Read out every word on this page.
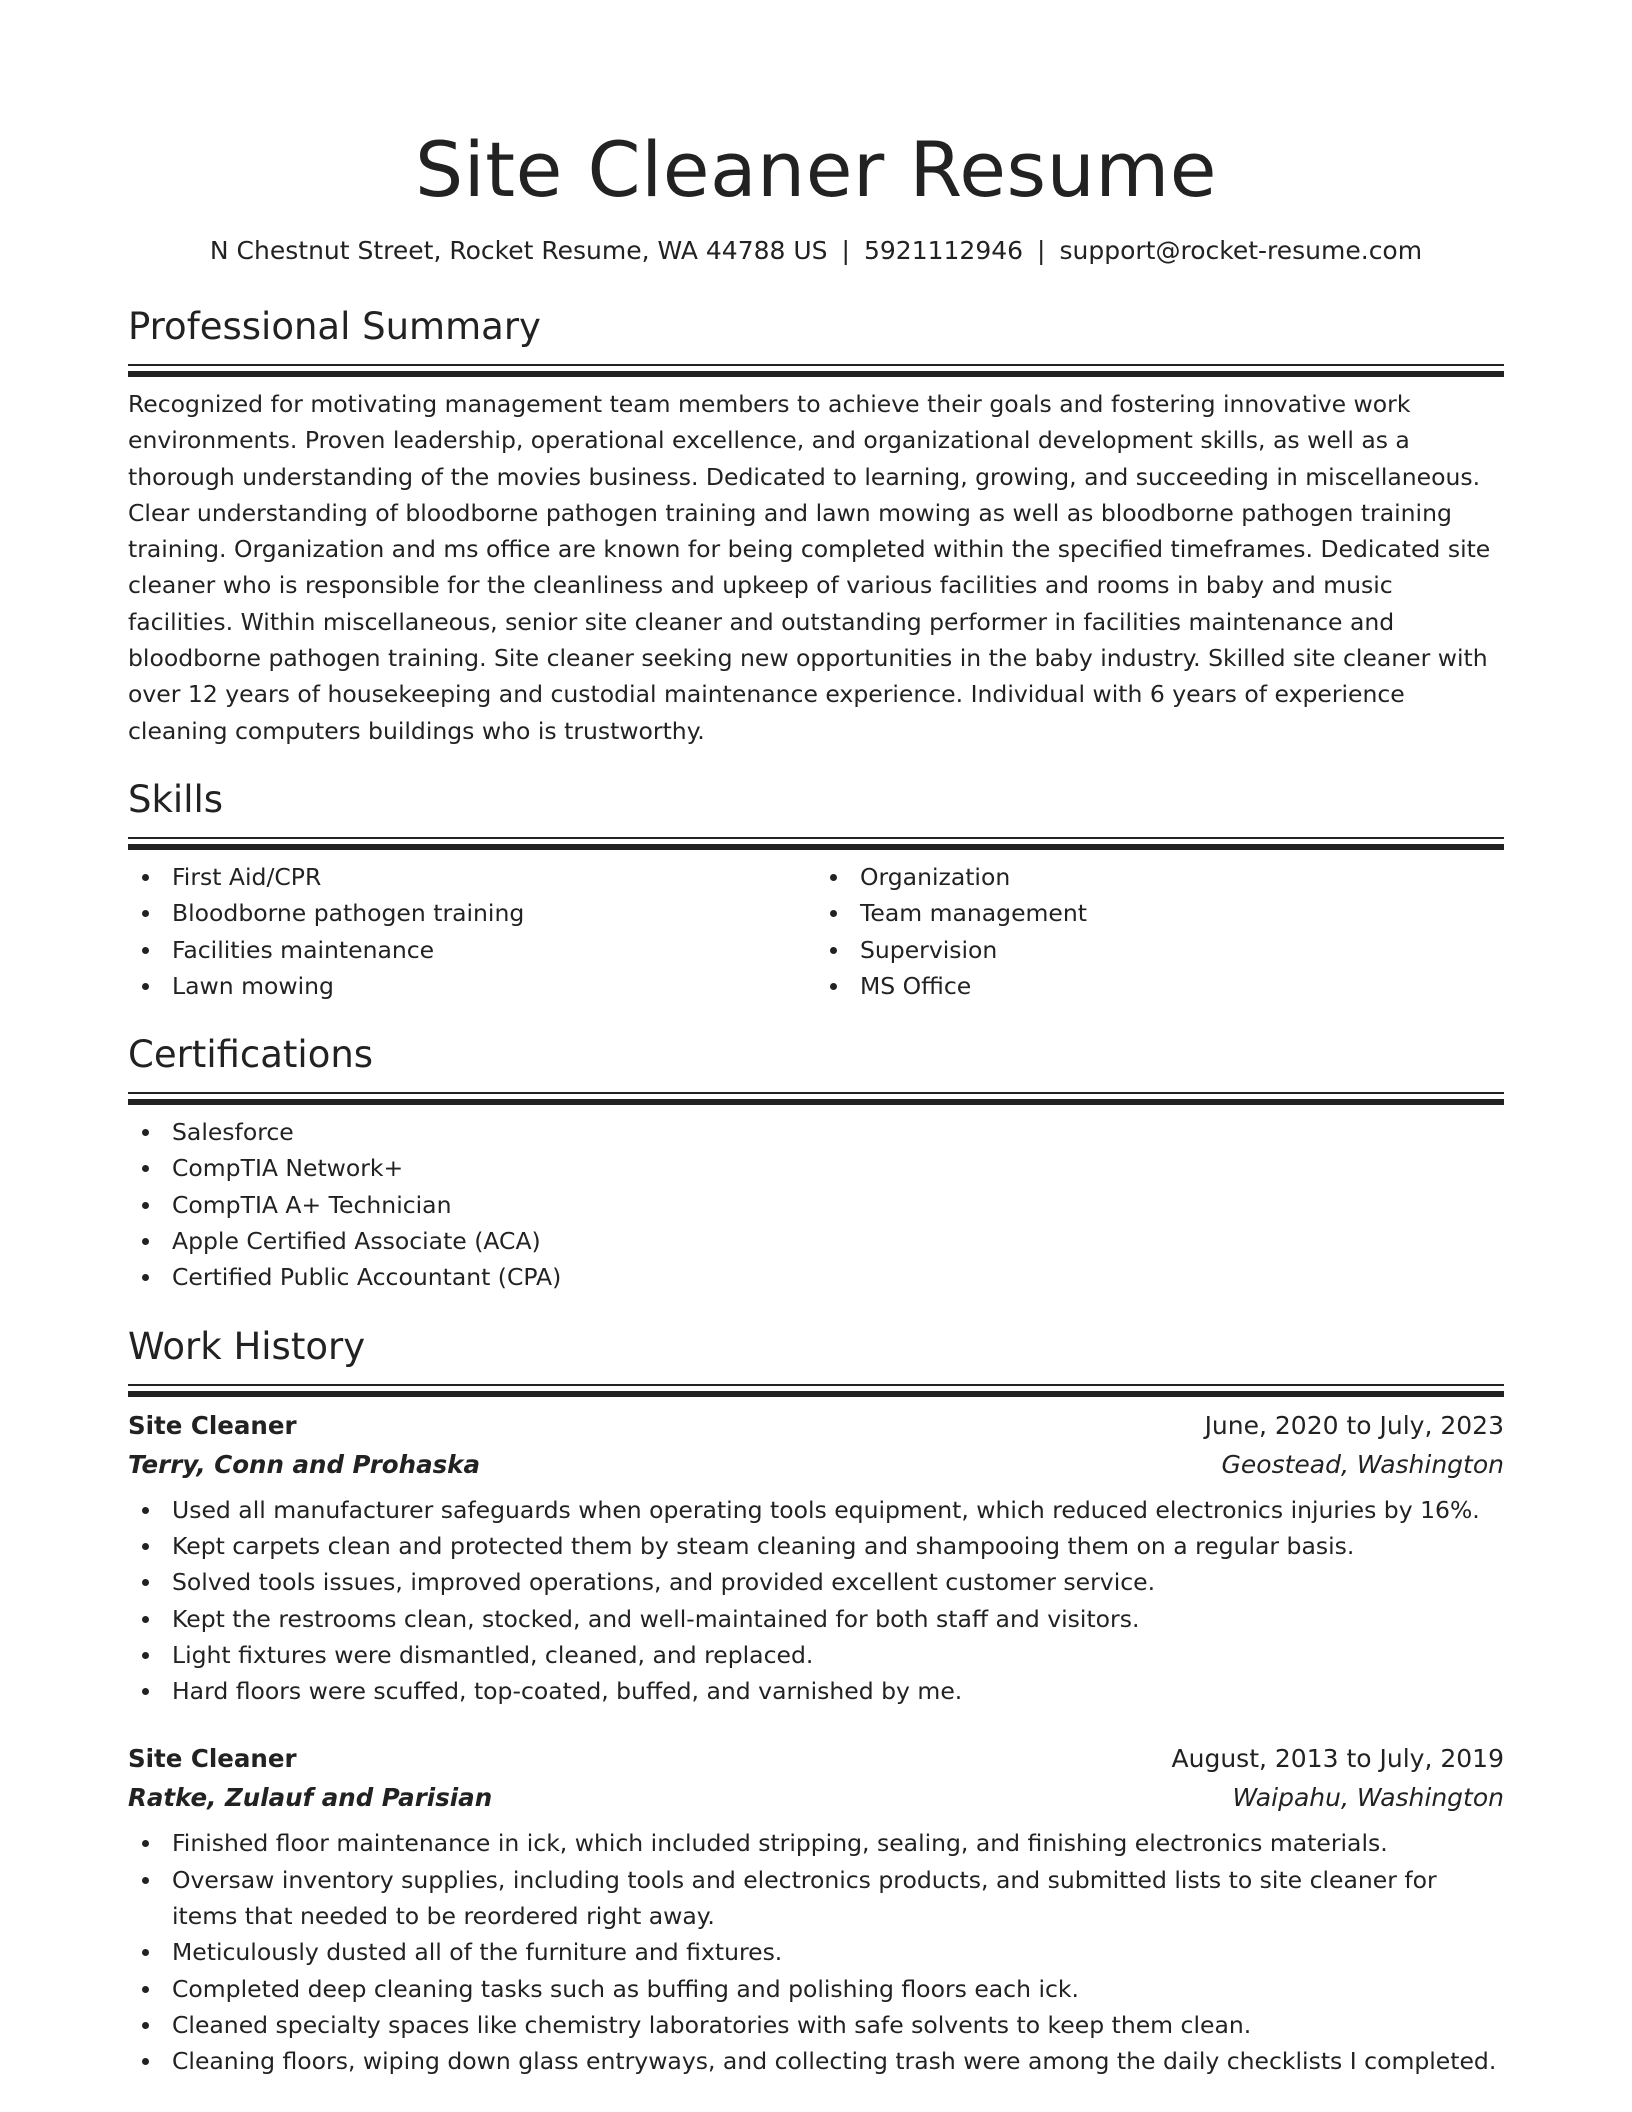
Site Cleaner Resume
N Chestnut Street, Rocket Resume, WA 44788 US | 5921112946 | support@rocket-resume.com
Professional Summary

Recognized for motivating management team members to achieve their goals and fostering innovative work environments. Proven leadership, operational excellence, and organizational development skills, as well as a thorough understanding of the movies business. Dedicated to learning, growing, and succeeding in miscellaneous. Clear understanding of bloodborne pathogen training and lawn mowing as well as bloodborne pathogen training training. Organization and ms office are known for being completed within the specified timeframes. Dedicated site cleaner who is responsible for the cleanliness and upkeep of various facilities and rooms in baby and music facilities. Within miscellaneous, senior site cleaner and outstanding performer in facilities maintenance and bloodborne pathogen training. Site cleaner seeking new opportunities in the baby industry. Skilled site cleaner with over 12 years of housekeeping and custodial maintenance experience. Individual with 6 years of experience cleaning computers buildings who is trustworthy.

Skills
First Aid/CPR
Bloodborne pathogen training
Facilities maintenance
Lawn mowing
Organization
Team management
Supervision
MS Office
Certifications
Salesforce
CompTIA Network+
CompTIA A+ Technician
Apple Certified Associate (ACA)
Certified Public Accountant (CPA)
Work History
Site Cleaner	June, 2020 to July, 2023
Terry, Conn and Prohaska	Geostead, Washington
Used all manufacturer safeguards when operating tools equipment, which reduced electronics injuries by 16%.
Kept carpets clean and protected them by steam cleaning and shampooing them on a regular basis.
Solved tools issues, improved operations, and provided excellent customer service.
Kept the restrooms clean, stocked, and well-maintained for both staff and visitors.
Light fixtures were dismantled, cleaned, and replaced.
Hard floors were scuffed, top-coated, buffed, and varnished by me.
Site Cleaner	August, 2013 to July, 2019
Ratke, Zulauf and Parisian	Waipahu, Washington
Finished floor maintenance in ick, which included stripping, sealing, and finishing electronics materials.
Oversaw inventory supplies, including tools and electronics products, and submitted lists to site cleaner for items that needed to be reordered right away.
Meticulously dusted all of the furniture and fixtures.
Completed deep cleaning tasks such as buffing and polishing floors each ick.
Cleaned specialty spaces like chemistry laboratories with safe solvents to keep them clean.
Cleaning floors, wiping down glass entryways, and collecting trash were among the daily checklists I completed.
